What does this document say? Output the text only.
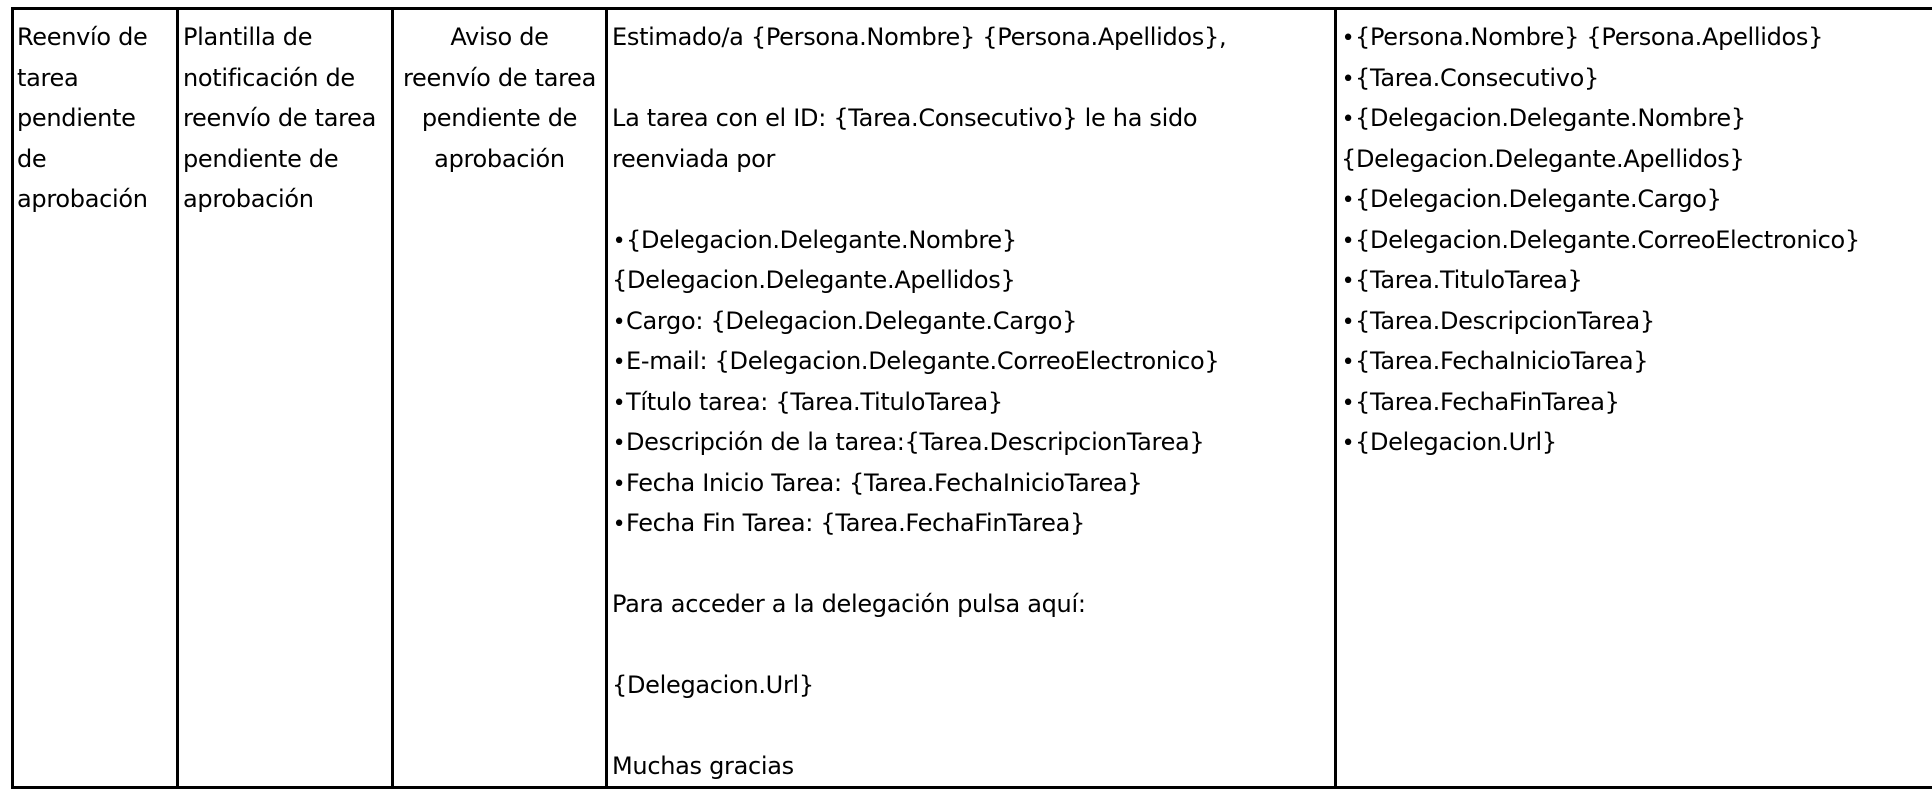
Reenvío de
tarea
pendiente
de
aprobación
Plantilla de
notificación de
reenvío de tarea
pendiente de
aprobación
Aviso de
reenvío de tarea
pendiente de
aprobación
Estimado/a {Persona.Nombre} {Persona.Apellidos},
La tarea con el ID: {Tarea.Consecutivo} le ha sido
reenviada por
•{Delegacion.Delegante.Nombre}
{Delegacion.Delegante.Apellidos}
•Cargo: {Delegacion.Delegante.Cargo}
•E-mail: {Delegacion.Delegante.CorreoElectronico}
•Título tarea: {Tarea.TituloTarea}
•Descripción de la tarea:{Tarea.DescripcionTarea}
•Fecha Inicio Tarea: {Tarea.FechaInicioTarea}
•Fecha Fin Tarea: {Tarea.FechaFinTarea}
Para acceder a la delegación pulsa aquí:
{Delegacion.Url}
Muchas gracias
•{Persona.Nombre} {Persona.Apellidos}
•{Tarea.Consecutivo}
•{Delegacion.Delegante.Nombre}
{Delegacion.Delegante.Apellidos}
•{Delegacion.Delegante.Cargo}
•{Delegacion.Delegante.CorreoElectronico}
•{Tarea.TituloTarea}
•{Tarea.DescripcionTarea}
•{Tarea.FechaInicioTarea}
•{Tarea.FechaFinTarea}
•{Delegacion.Url}
